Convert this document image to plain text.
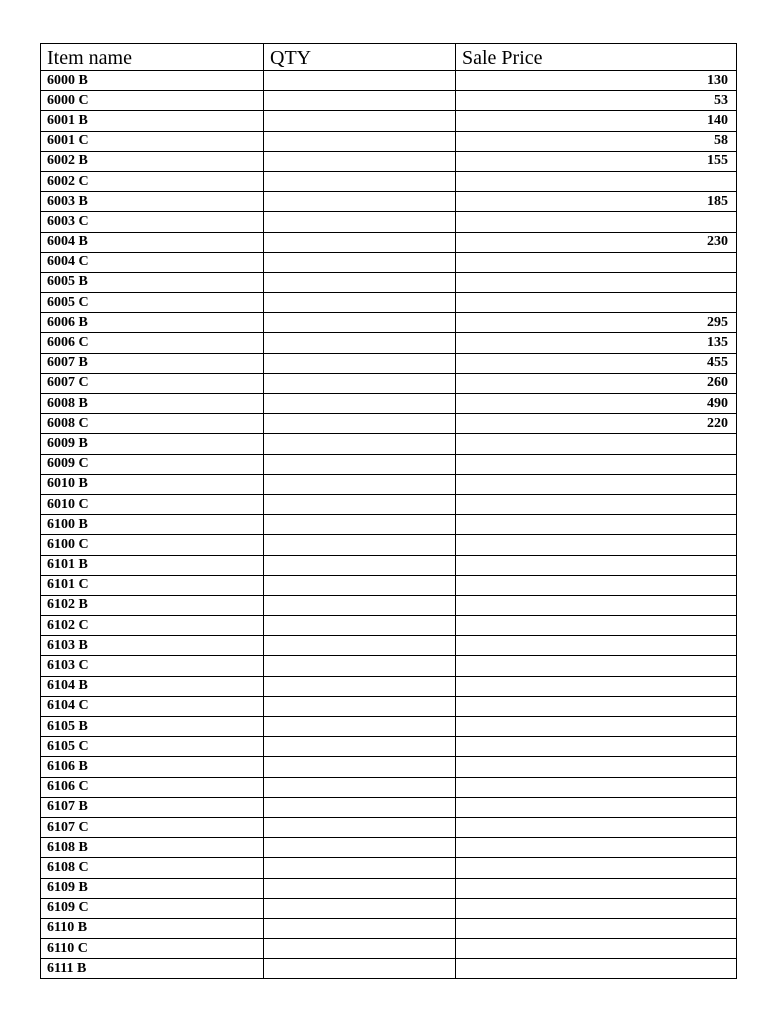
Item name	QTY	Sale Price
6000 B		130
6000 C		53
6001 B		140
6001 C		58
6002 B		155
6002 C		
6003 B		185
6003 C		
6004 B		230
6004 C		
6005 B		
6005 C		
6006 B		295
6006 C		135
6007 B		455
6007 C		260
6008 B		490
6008 C		220
6009 B		
6009 C		
6010 B		
6010 C		
6100 B		
6100 C		
6101 B		
6101 C		
6102 B		
6102 C		
6103 B		
6103 C		
6104 B		
6104 C		
6105 B		
6105 C		
6106 B		
6106 C		
6107 B		
6107 C		
6108 B		
6108 C		
6109 B		
6109 C		
6110 B		
6110 C		
6111 B		
